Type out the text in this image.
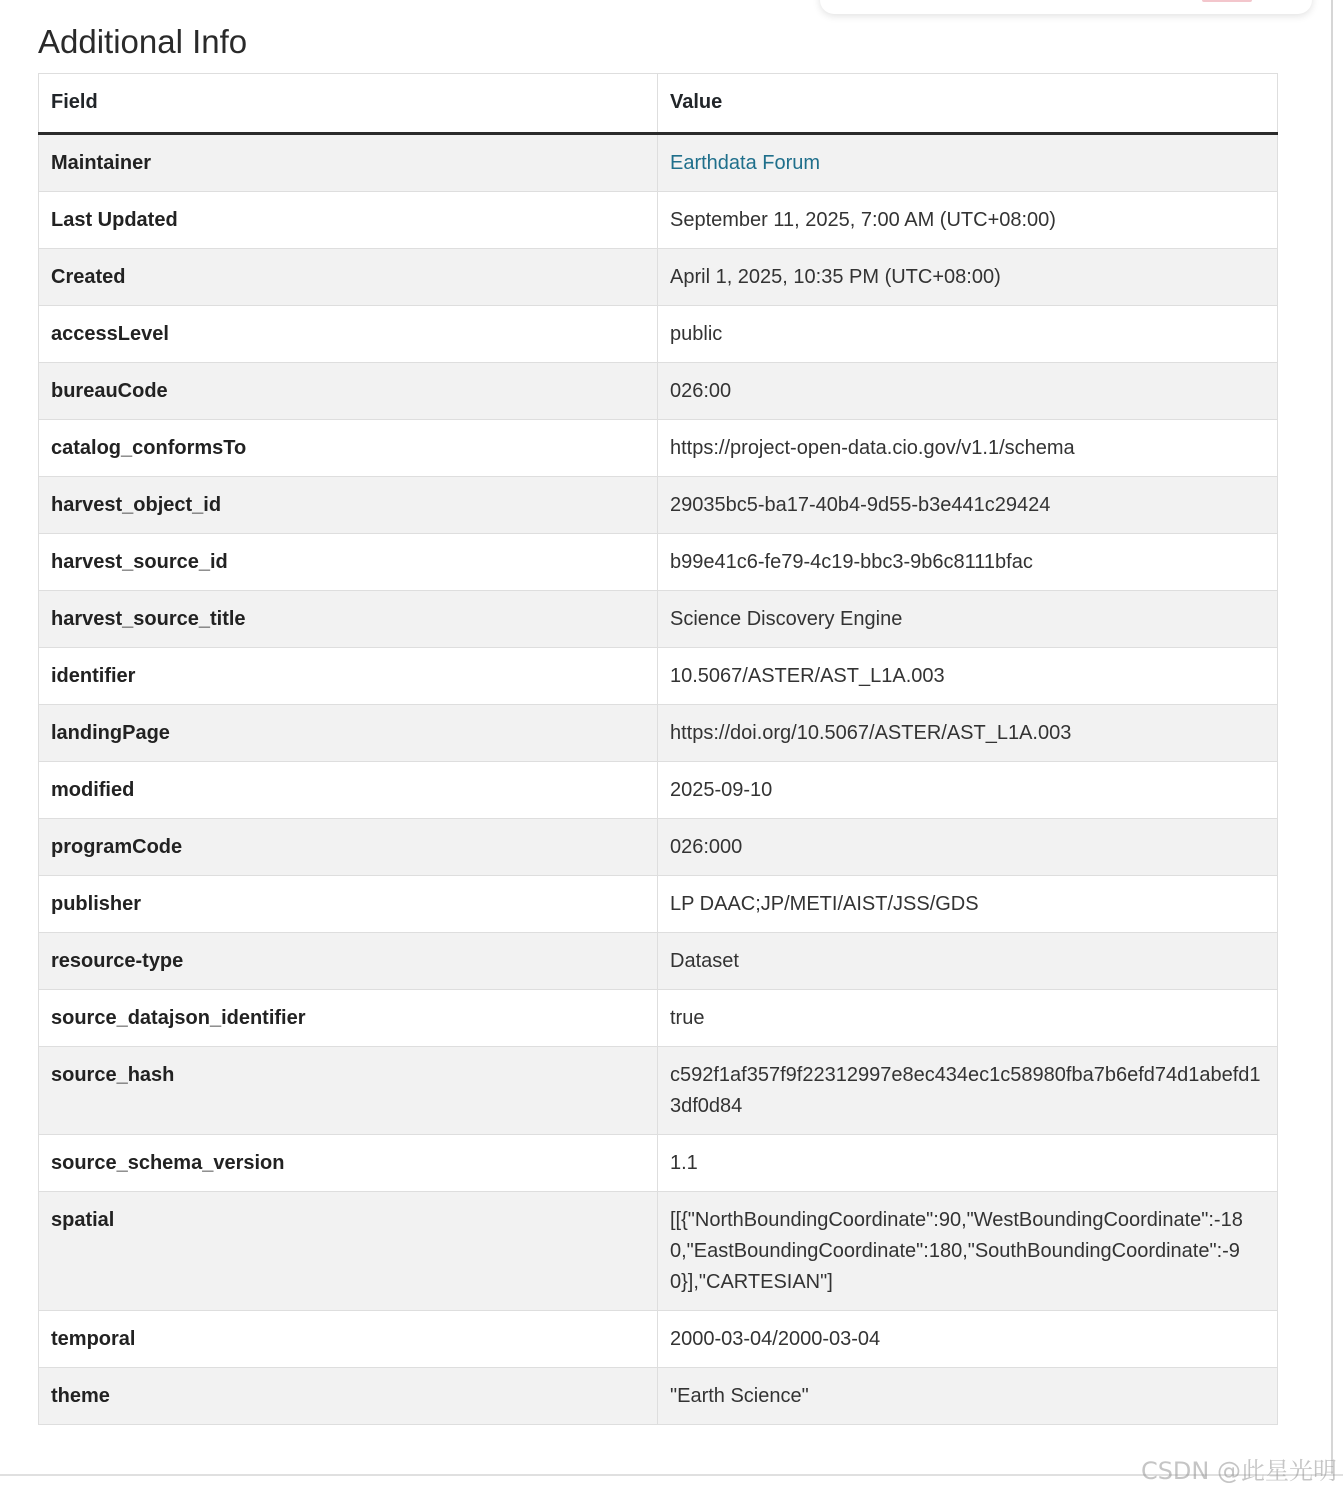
Additional Info
Field	Value
Maintainer	Earthdata Forum
Last Updated	September 11, 2025, 7:00 AM (UTC+08:00)
Created	April 1, 2025, 10:35 PM (UTC+08:00)
accessLevel	public
bureauCode	026:00
catalog_conformsTo	https://project-open-data.cio.gov/v1.1/schema
harvest_object_id	29035bc5-ba17-40b4-9d55-b3e441c29424
harvest_source_id	b99e41c6-fe79-4c19-bbc3-9b6c8111bfac
harvest_source_title	Science Discovery Engine
identifier	10.5067/ASTER/AST_L1A.003
landingPage	https://doi.org/10.5067/ASTER/AST_L1A.003
modified	2025-09-10
programCode	026:000
publisher	LP DAAC;JP/METI/AIST/JSS/GDS
resource-type	Dataset
source_datajson_identifier	true
source_hash	c592f1af357f9f22312997e8ec434ec1c58980fba7b6efd74d1abefd13df0d84
source_schema_version	1.1
spatial	[[{"NorthBoundingCoordinate":90,"WestBoundingCoordinate":-180,"EastBoundingCoordinate":180,"SouthBoundingCoordinate":-90}],"CARTESIAN"]
temporal	2000-03-04/2000-03-04
theme	"Earth Science"
CSDN @此星光明
